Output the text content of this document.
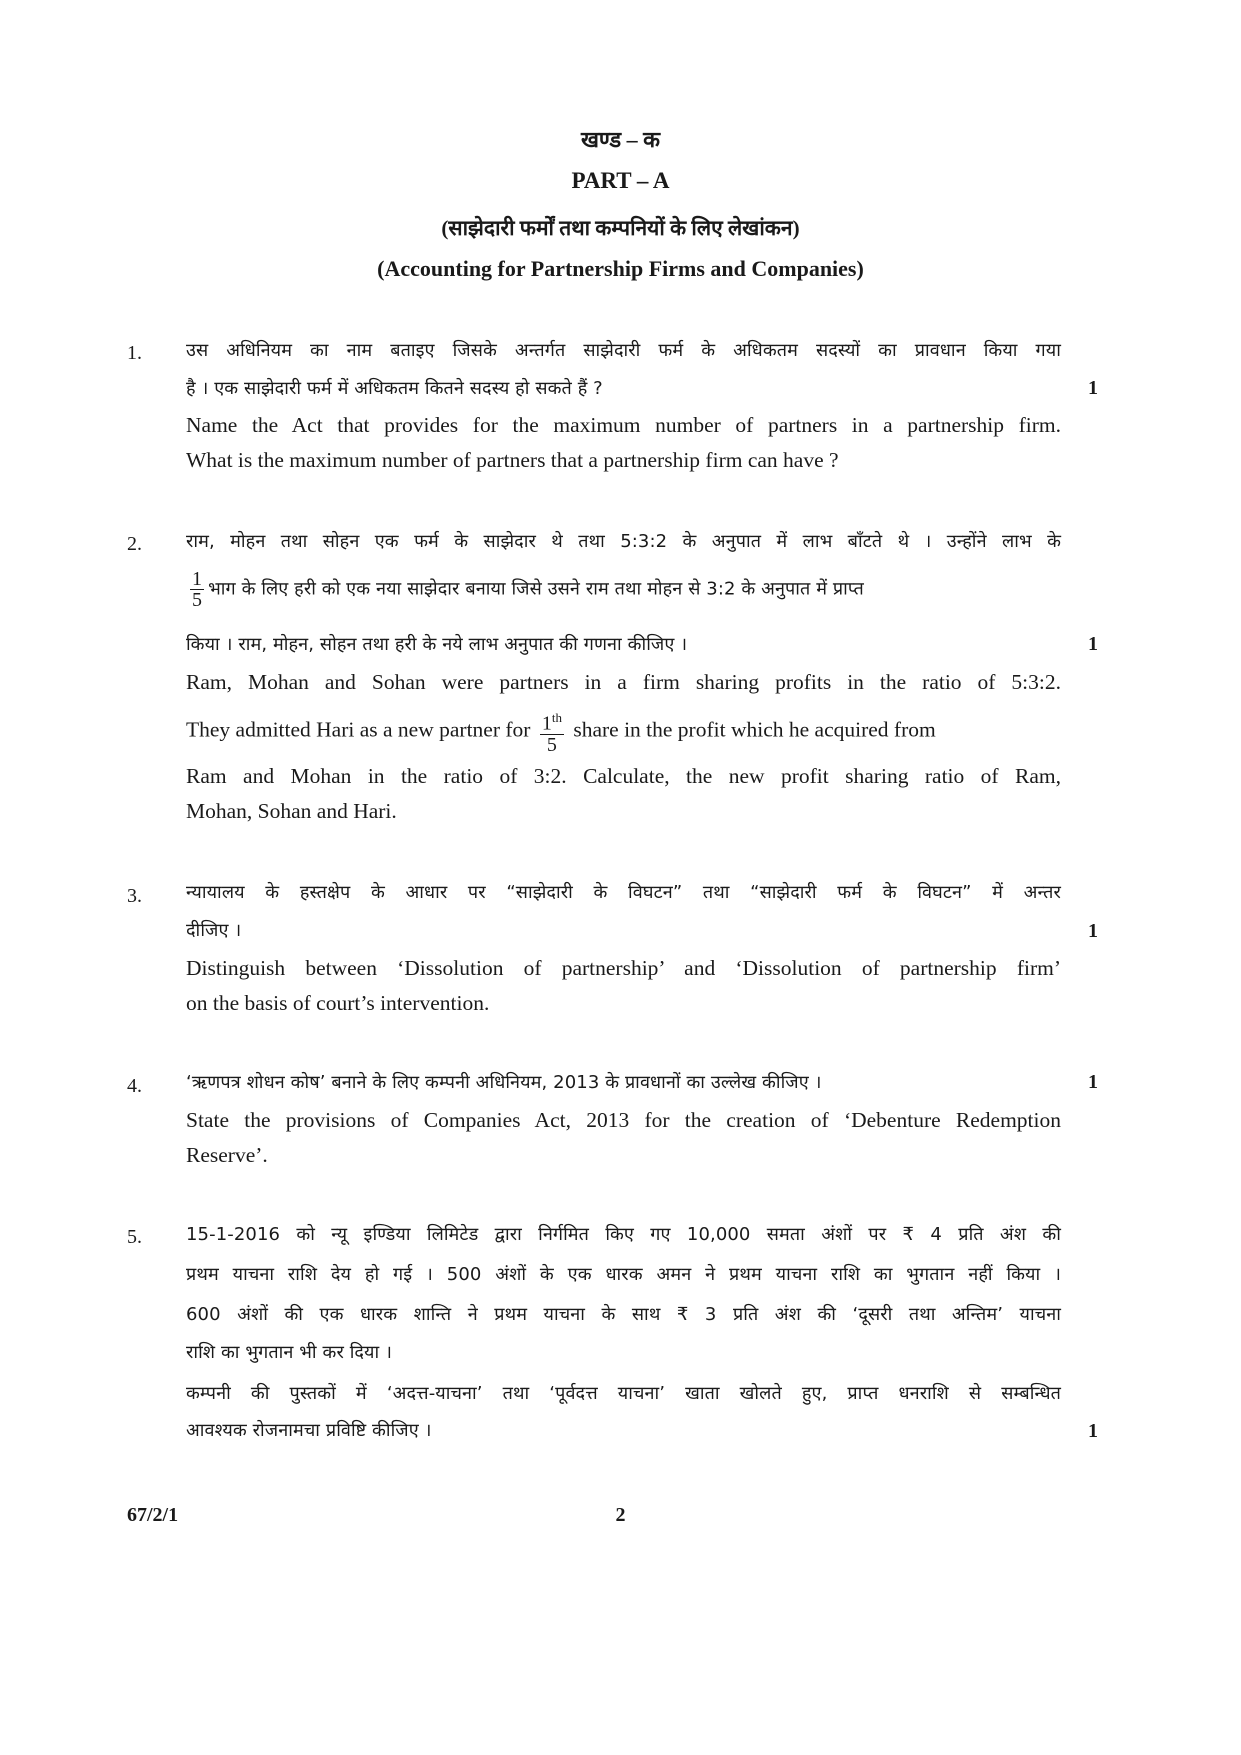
खण्ड – क
PART – A
(साझेदारी फर्मों तथा कम्पनियों के लिए लेखांकन)
(Accounting for Partnership Firms and Companies)
1. उस अधिनियम का नाम बताइए जिसके अन्तर्गत साझेदारी फर्म के अधिकतम सदस्यों का प्रावधान किया गया
है । एक साझेदारी फर्म में अधिकतम कितने सदस्य हो सकते हैं ?	1
Name the Act that provides for the maximum number of partners in a partnership firm.
What is the maximum number of partners that a partnership firm can have ?
2. राम, मोहन तथा सोहन एक फर्म के साझेदार थे तथा 5:3:2 के अनुपात में लाभ बाँटते थे । उन्होंने लाभ के
$\frac{1}{5}$ भाग के लिए हरी को एक नया साझेदार बनाया जिसे उसने राम तथा मोहन से 3:2 के अनुपात में प्राप्त
किया । राम, मोहन, सोहन तथा हरी के नये लाभ अनुपात की गणना कीजिए ।	1
Ram, Mohan and Sohan were partners in a firm sharing profits in the ratio of 5:3:2.
They admitted Hari as a new partner for $\frac{1^{th}}{5}$ share in the profit which he acquired from
Ram and Mohan in the ratio of 3:2. Calculate, the new profit sharing ratio of Ram,
Mohan, Sohan and Hari.
3. न्यायालय के हस्तक्षेप के आधार पर “साझेदारी के विघटन” तथा “साझेदारी फर्म के विघटन” में अन्तर
दीजिए ।	1
Distinguish between ‘Dissolution of partnership’ and ‘Dissolution of partnership firm’
on the basis of court’s intervention.
4. ‘ऋणपत्र शोधन कोष’ बनाने के लिए कम्पनी अधिनियम, 2013 के प्रावधानों का उल्लेख कीजिए ।	1
State the provisions of Companies Act, 2013 for the creation of ‘Debenture Redemption
Reserve’.
5. 15-1-2016 को न्यू इण्डिया लिमिटेड द्वारा निर्गमित किए गए 10,000 समता अंशों पर ₹ 4 प्रति अंश की
प्रथम याचना राशि देय हो गई । 500 अंशों के एक धारक अमन ने प्रथम याचना राशि का भुगतान नहीं किया ।
600 अंशों की एक धारक शान्ति ने प्रथम याचना के साथ ₹ 3 प्रति अंश की ‘दूसरी तथा अन्तिम’ याचना
राशि का भुगतान भी कर दिया ।
कम्पनी की पुस्तकों में ‘अदत्त-याचना’ तथा ‘पूर्वदत्त याचना’ खाता खोलते हुए, प्राप्त धनराशि से सम्बन्धित
आवश्यक रोजनामचा प्रविष्टि कीजिए ।	1
67/2/1	2
